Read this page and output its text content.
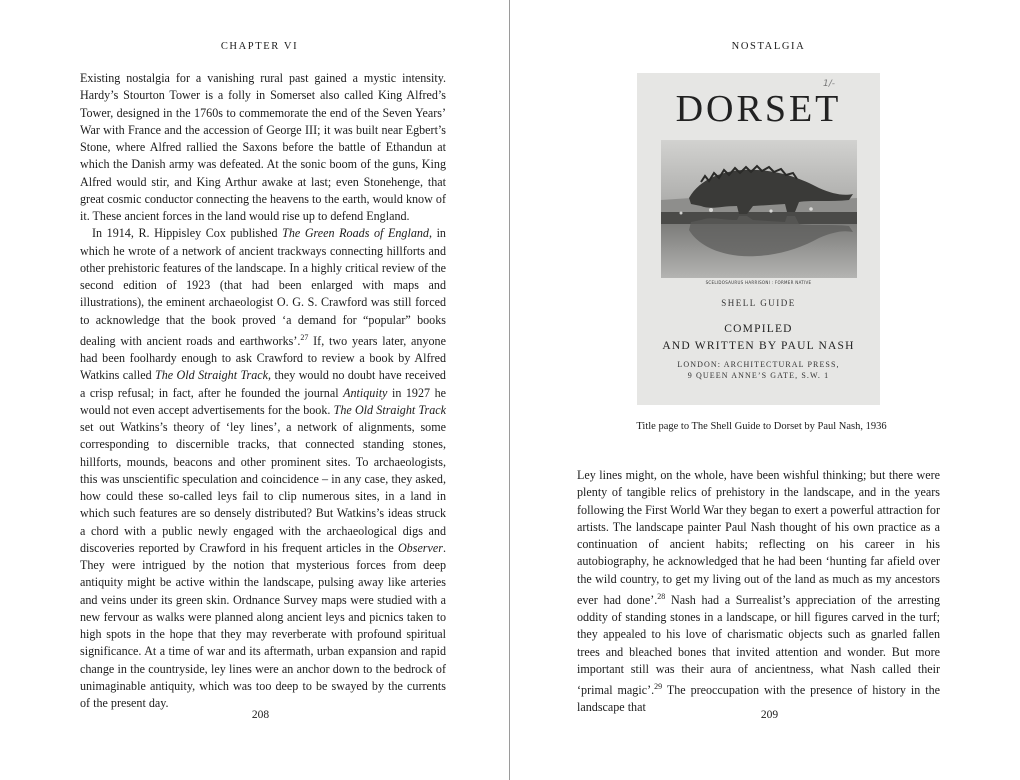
CHAPTER VI

Existing nostalgia for a vanishing rural past gained a mystic intensity. Hardy’s Stourton Tower is a folly in Somerset also called King Alfred’s Tower, designed in the 1760s to commemorate the end of the Seven Years’ War with France and the accession of George III; it was built near Egbert’s Stone, where Alfred rallied the Saxons before the battle of Ethandun at which the Danish army was defeated. At the sonic boom of the guns, King Alfred would stir, and King Arthur awake at last; even Stonehenge, that great cosmic conductor connecting the heavens to the earth, would know of it. These ancient forces in the land would rise up to defend England.

In 1914, R. Hippisley Cox published The Green Roads of England, in which he wrote of a network of ancient trackways connecting hillforts and other prehistoric features of the landscape. In a highly critical review of the second edition of 1923 (that had been enlarged with maps and illustrations), the eminent archaeologist O. G. S. Crawford was still forced to acknowledge that the book proved ‘a demand for “popular” books dealing with ancient roads and earthworks’.$^{27}$ If, two years later, anyone had been foolhardy enough to ask Crawford to review a book by Alfred Watkins called The Old Straight Track, they would no doubt have received a crisp refusal; in fact, after he founded the journal Antiquity in 1927 he would not even accept advertisements for the book. The Old Straight Track set out Watkins’s theory of ‘ley lines’, a network of alignments, some corresponding to discernible tracks, that connected standing stones, hillforts, mounds, beacons and other prominent sites. To archaeologists, this was unscientific speculation and coincidence – in any case, they asked, how could these so-called leys fail to clip numerous sites, in a land in which such features are so densely distributed? But Watkins’s ideas struck a chord with a public newly engaged with the archaeological digs and discoveries reported by Crawford in his frequent articles in the Observer. They were intrigued by the notion that mysterious forces from deep antiquity might be active within the landscape, pulsing away like arteries and veins under its green skin. Ordnance Survey maps were studied with a new fervour as walks were planned along ancient leys and picnics taken to high spots in the hope that they may reverberate with profound spiritual significance. At a time of war and its aftermath, urban expansion and rapid change in the countryside, ley lines were an anchor down to the bedrock of unimaginable antiquity, which was too deep to be swayed by the currents of the present day.

208
NOSTALGIA
DORSET
1/-
SCELIDOSAURUS HARRISONI : FORMER NATIVE
SHELL GUIDE
COMPILED
AND WRITTEN BY PAUL NASH
LONDON: ARCHITECTURAL PRESS,
9 QUEEN ANNE’S GATE, S.W. 1
Title page to The Shell Guide to Dorset by Paul Nash, 1936

Ley lines might, on the whole, have been wishful thinking; but there were plenty of tangible relics of prehistory in the landscape, and in the years following the First World War they began to exert a powerful attraction for artists. The landscape painter Paul Nash thought of his own practice as a continuation of ancient habits; reflecting on his career in his autobiography, he acknowledged that he had been ‘hunting far afield over the wild country, to get my living out of the land as much as my ancestors ever had done’.$^{28}$ Nash had a Surrealist’s appreciation of the arresting oddity of standing stones in a landscape, or hill figures carved in the turf; they appealed to his love of charismatic objects such as gnarled fallen trees and bleached bones that invited attention and wonder. But more important still was their aura of ancientness, what Nash called their ‘primal magic’.$^{29}$ The preoccupation with the presence of history in the landscape that

209
